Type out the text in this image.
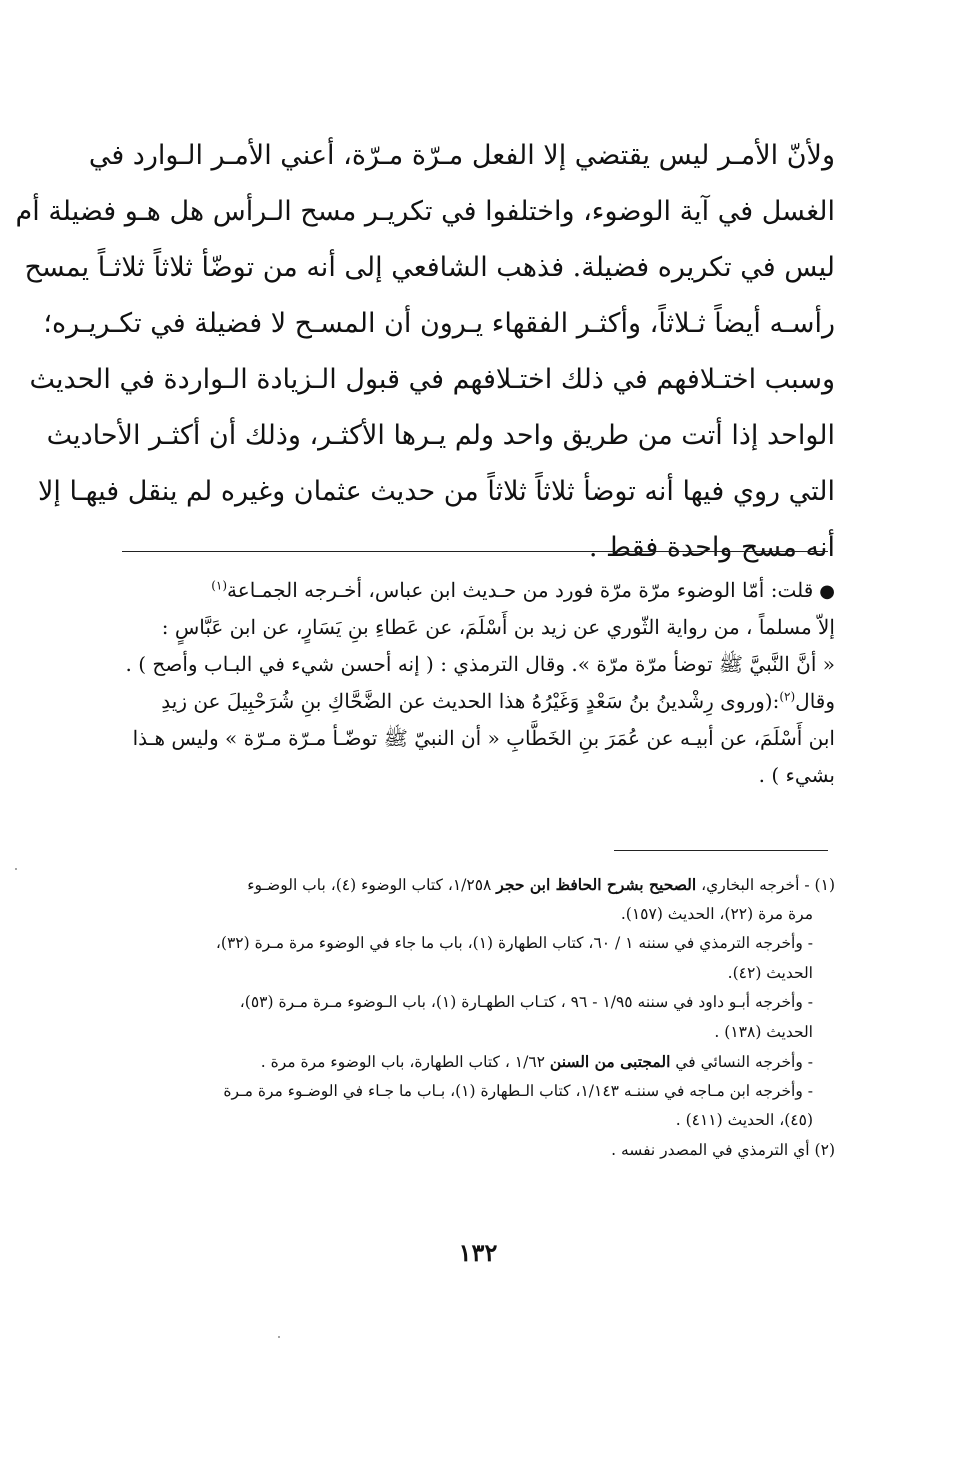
ولأنّ الأمـر ليس يقتضي إلا الفعل مـرّة مـرّة، أعني الأمـر الـوارد في
الغسل في آية الوضوء، واختلفوا في تكريـر مسح الـرأس هل هـو فضيلة أم
ليس في تكريره فضيلة. فذهب الشافعي إلى أنه من توضّأ ثلاثاً ثلاثـاً يمسح
رأسـه أيضاً ثـلاثاً، وأكثـر الفقهاء يـرون أن المسـح لا فضيلة في تكـريـره؛
وسبب اختـلافهم في ذلك اختـلافهم في قبول الـزيادة الـواردة في الحديث
الواحد إذا أتت من طريق واحد ولم يـرها الأكثـر، وذلك أن أكثـر الأحاديث
التي روي فيها أنه توضأ ثلاثاً ثلاثاً من حديث عثمان وغيره لم ينقل فيهـا إلا
أنه مسح واحدة فقط .
●قلت: أمّا الوضوء مرّة مرّة فورد من حـديث ابن عباس، أخـرجه الجمـاعة$^{(١)}$
إلاّ مسلماً ، من رواية الثّوري عن زيد بن أَسْلَمَ، عن عَطاءِ بنِ يَسَارٍ، عن ابن عَبَّاسٍ :
« أنَّ النَّبيَّ ﷺ توضأ مرّة مرّة ». وقال الترمذي : ( إنه أحسن شيء في البـاب وأصح ) .
وقال$^{(٢)}$:(وروى رِشْدينُ بنُ سَعْدٍ وَغَيْرُهُ هذا الحديث عن الضَّحَّاكِ بنِ شُرَحْبِيلَ عن زيدِ
ابن أَسْلَمَ، عن أبيـه عن عُمَرَ بنِ الخَطَّابِ « أن النبيّ ﷺ توضّـأ مـرّة مـرّة » وليس هـذا
بشيء ) .
(١) - أخرجه البخاري، الصحيح بشرح الحافظ ابن حجر ١/٢٥٨، كتاب الوضوء (٤)، باب الوضـوء
مرة مرة (٢٢)، الحديث (١٥٧).
- وأخرجه الترمذي في سننه ١ / ٦٠، كتاب الطهارة (١)، باب ما جاء في الوضوء مرة مـرة (٣٢)،
الحديث (٤٢).
- وأخرجه أبـو داود في سننه ١/٩٥ - ٩٦ ، كتـاب الطهـارة (١)، باب الـوضوء مـرة مـرة (٥٣)،
الحديث (١٣٨) .
- وأخرجه النسائي في المجتبى من السنن ١/٦٢ ، كتاب الطهارة، باب الوضوء مرة مرة .
- وأخرجه ابن مـاجه في سننـه ١/١٤٣، كتاب الـطهارة (١)، بـاب ما جـاء في الوضـوء مرة مـرة
(٤٥)، الحديث (٤١١) .
(٢) أي الترمذي في المصدر نفسه .
١٣٢
